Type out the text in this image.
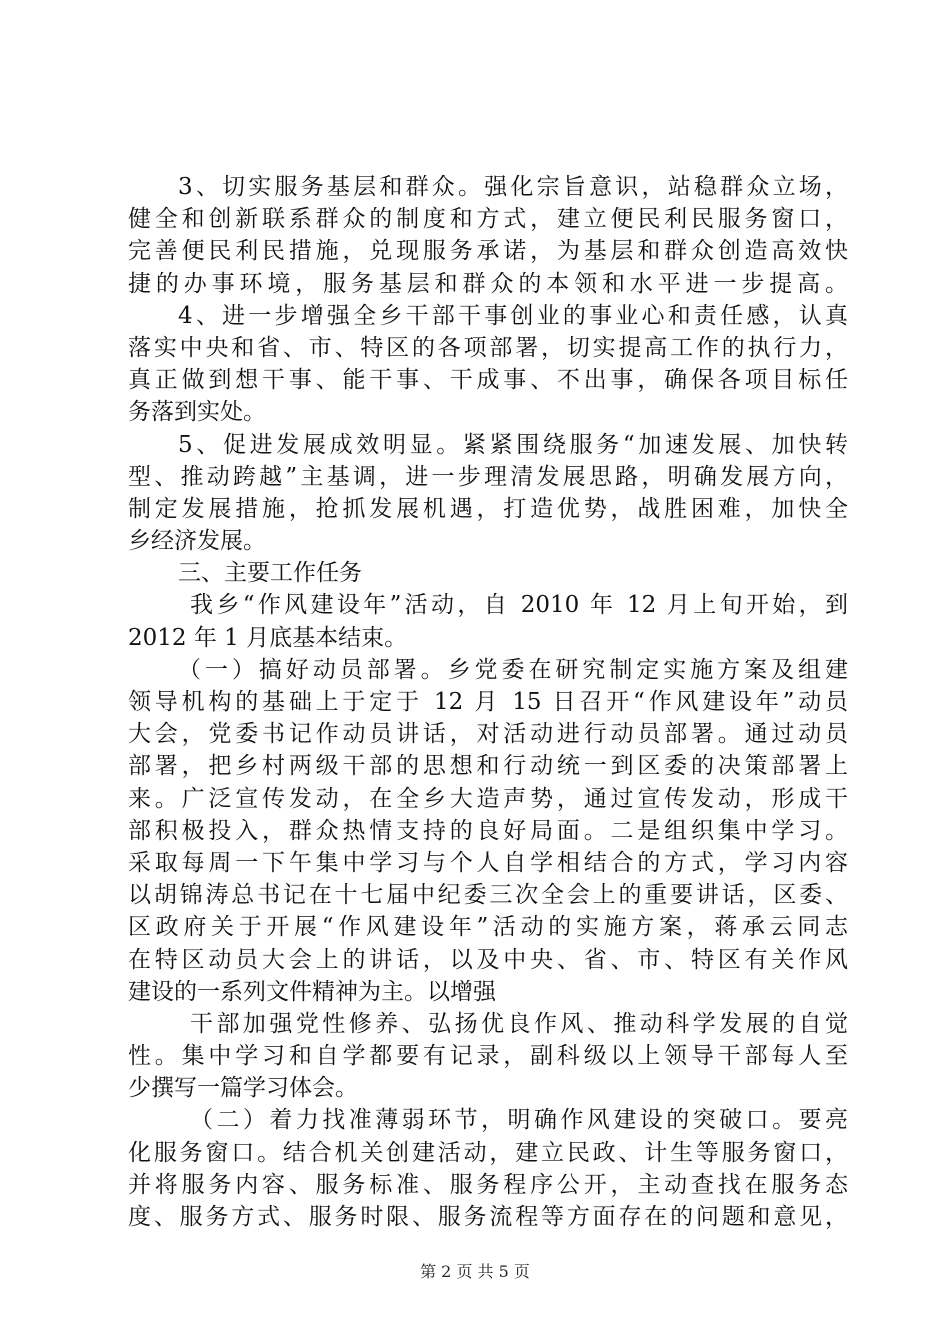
3、切实服务基层和群众。强化宗旨意识，站稳群众立场，
健全和创新联系群众的制度和方式，建立便民利民服务窗口，
完善便民利民措施，兑现服务承诺，为基层和群众创造高效快
捷的办事环境，服务基层和群众的本领和水平进一步提高。
4、进一步增强全乡干部干事创业的事业心和责任感，认真
落实中央和省、市、特区的各项部署，切实提高工作的执行力，
真正做到想干事、能干事、干成事、不出事，确保各项目标任
务落到实处。
5、促进发展成效明显。紧紧围绕服务“加速发展、加快转
型、推动跨越”主基调，进一步理清发展思路，明确发展方向，
制定发展措施，抢抓发展机遇，打造优势，战胜困难，加快全
乡经济发展。
三、主要工作任务
我乡“作风建设年”活动，自 2010 年 12 月上旬开始，到
2012 年 1 月底基本结束。
（一）搞好动员部署。乡党委在研究制定实施方案及组建
领导机构的基础上于定于 12 月 15 日召开“作风建设年”动员
大会，党委书记作动员讲话，对活动进行动员部署。通过动员
部署，把乡村两级干部的思想和行动统一到区委的决策部署上
来。广泛宣传发动，在全乡大造声势，通过宣传发动，形成干
部积极投入，群众热情支持的良好局面。二是组织集中学习。
采取每周一下午集中学习与个人自学相结合的方式，学习内容
以胡锦涛总书记在十七届中纪委三次全会上的重要讲话，区委、
区政府关于开展“作风建设年”活动的实施方案，蒋承云同志
在特区动员大会上的讲话，以及中央、省、市、特区有关作风
建设的一系列文件精神为主。以增强
干部加强党性修养、弘扬优良作风、推动科学发展的自觉
性。集中学习和自学都要有记录，副科级以上领导干部每人至
少撰写一篇学习体会。
（二）着力找准薄弱环节，明确作风建设的突破口。要亮
化服务窗口。结合机关创建活动，建立民政、计生等服务窗口，
并将服务内容、服务标准、服务程序公开，主动查找在服务态
度、服务方式、服务时限、服务流程等方面存在的问题和意见，
第 2 页 共 5 页
